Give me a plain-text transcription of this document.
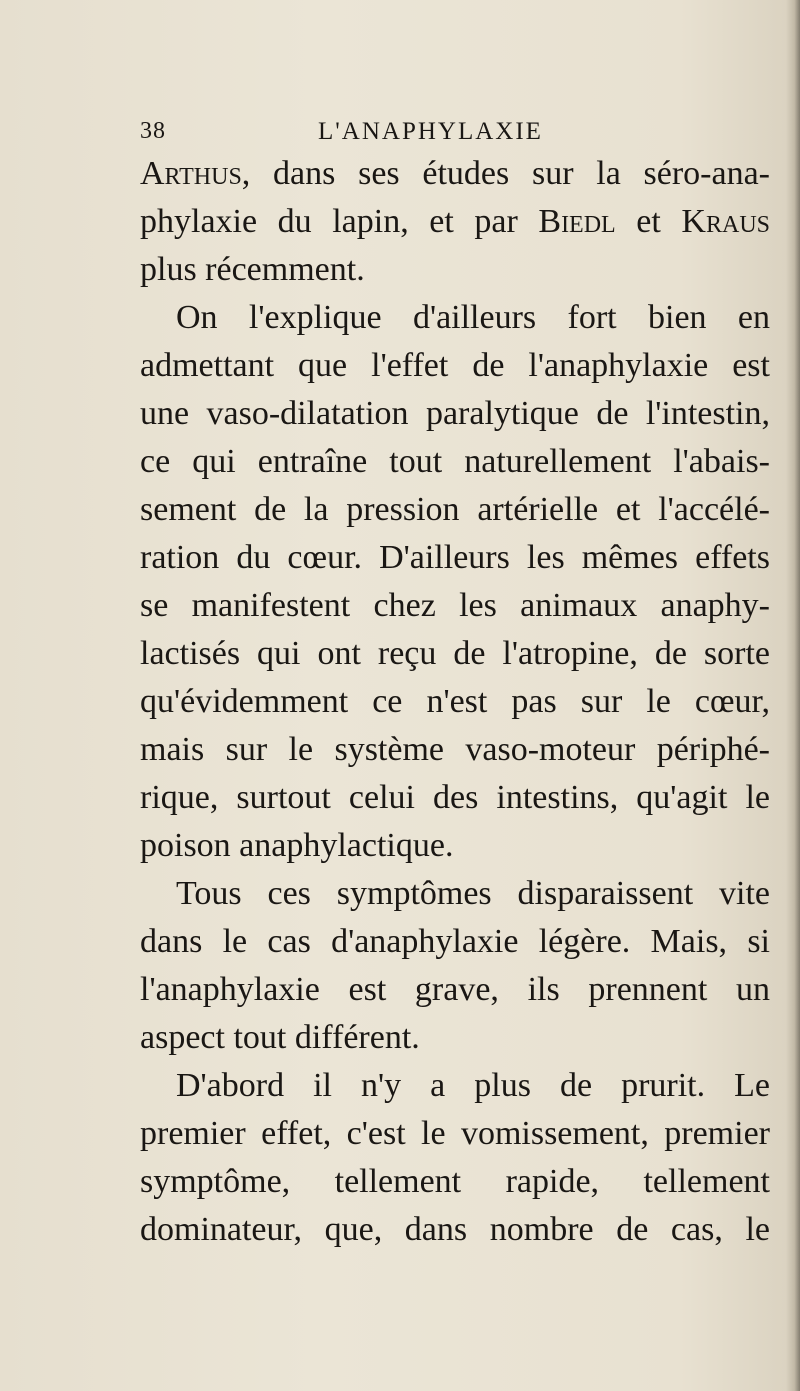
38	L'ANAPHYLAXIE
Arthus, dans ses études sur la séro-ana-
phylaxie du lapin, et par Biedl et Kraus
plus récemment.
On l'explique d'ailleurs fort bien en
admettant que l'effet de l'anaphylaxie est
une vaso-dilatation paralytique de l'intestin,
ce qui entraîne tout naturellement l'abais-
sement de la pression artérielle et l'accélé-
ration du cœur. D'ailleurs les mêmes effets
se manifestent chez les animaux anaphy-
lactisés qui ont reçu de l'atropine, de sorte
qu'évidemment ce n'est pas sur le cœur,
mais sur le système vaso-moteur périphé-
rique, surtout celui des intestins, qu'agit le
poison anaphylactique.
Tous ces symptômes disparaissent vite
dans le cas d'anaphylaxie légère. Mais, si
l'anaphylaxie est grave, ils prennent un
aspect tout différent.
D'abord il n'y a plus de prurit. Le
premier effet, c'est le vomissement, premier
symptôme, tellement rapide, tellement
dominateur, que, dans nombre de cas, le
